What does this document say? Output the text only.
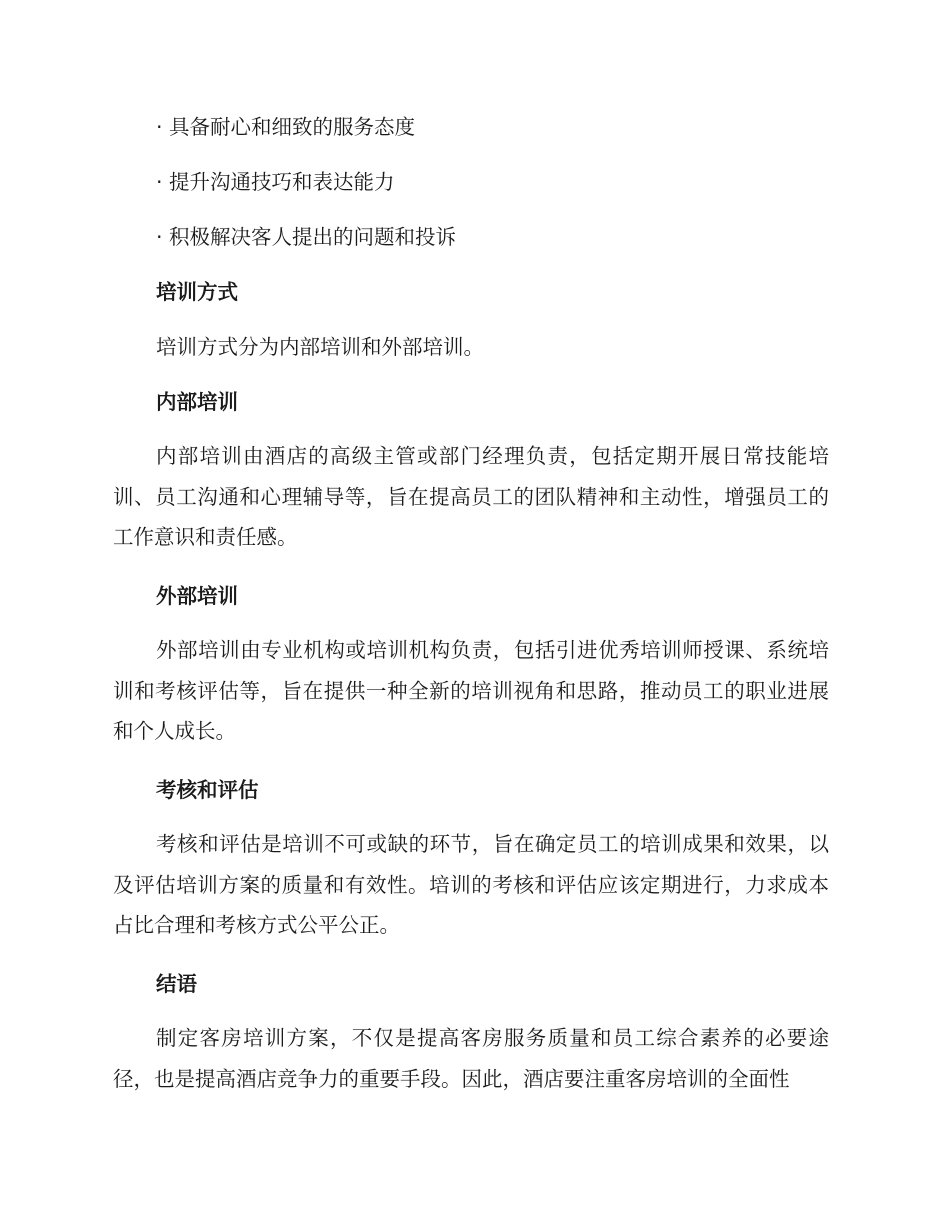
· 具备耐心和细致的服务态度
· 提升沟通技巧和表达能力
· 积极解决客人提出的问题和投诉
培训方式

培训方式分为内部培训和外部培训。

内部培训

内部培训由酒店的高级主管或部门经理负责，包括定期开展日常技能培训、员工沟通和心理辅导等，旨在提高员工的团队精神和主动性，增强员工的工作意识和责任感。

外部培训

外部培训由专业机构或培训机构负责，包括引进优秀培训师授课、系统培训和考核评估等，旨在提供一种全新的培训视角和思路，推动员工的职业进展和个人成长。

考核和评估

考核和评估是培训不可或缺的环节，旨在确定员工的培训成果和效果，以及评估培训方案的质量和有效性。培训的考核和评估应该定期进行，力求成本占比合理和考核方式公平公正。

结语

制定客房培训方案，不仅是提高客房服务质量和员工综合素养的必要途径，也是提高酒店竞争力的重要手段。因此，酒店要注重客房培训的全面性
